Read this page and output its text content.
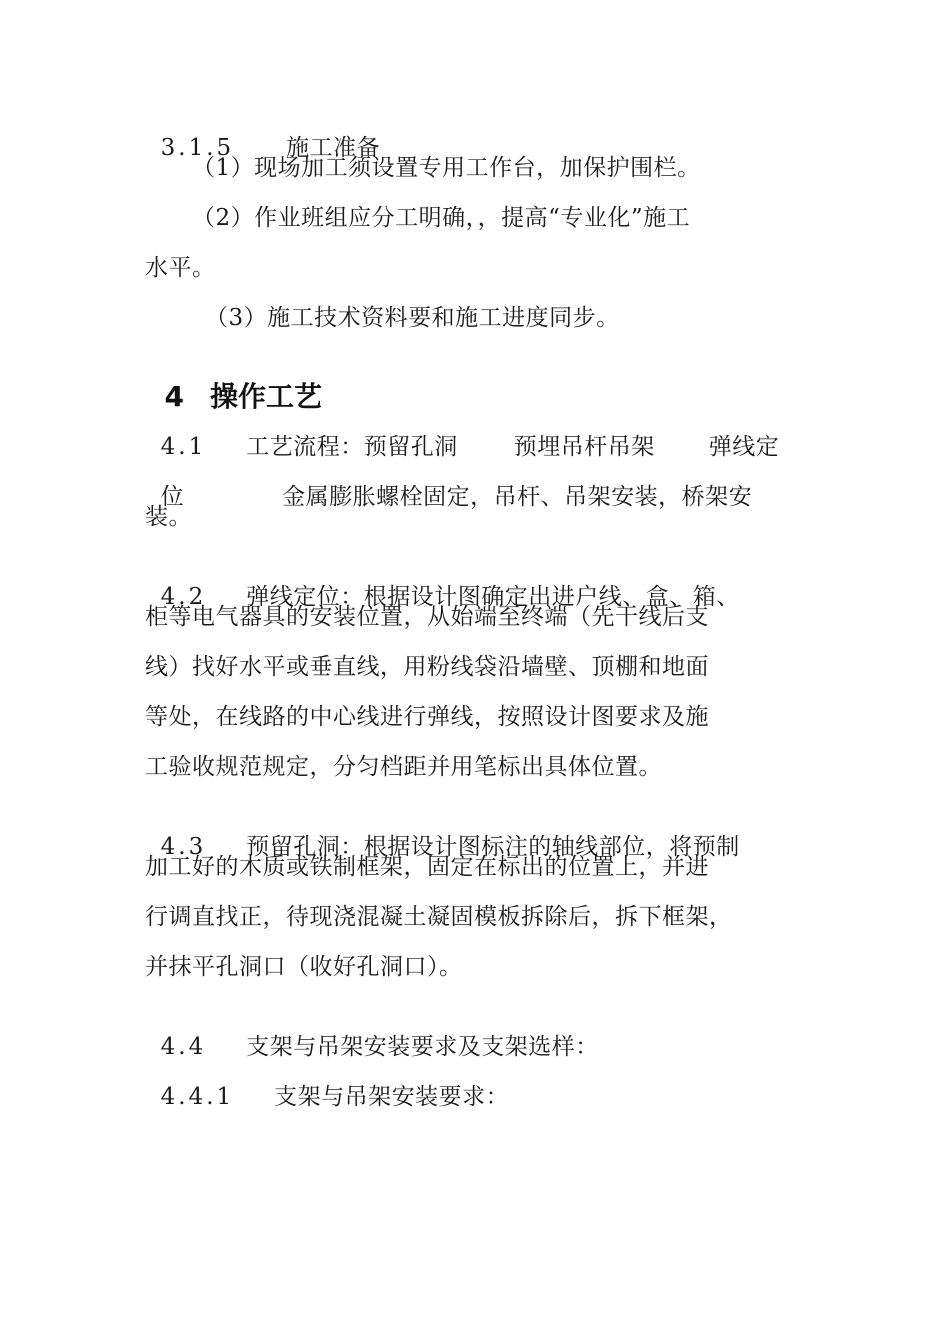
3.1.5 施工准备

（1）现场加工须设置专用工作台，加保护围栏。
（2）作业班组应分工明确，，提高“专业化”施工
水平。
（3）施工技术资料要和施工进度同步。

4 操作工艺

4.1 工艺流程：预留孔洞 预埋吊杆吊架 弹线定

位	金属膨胀螺栓固定，吊杆、吊架安装，桥架安

装。

4.2 弹线定位：根据设计图确定出进户线、盒、箱、

柜等电气器具的安装位置，从始端至终端（先干线后支
线）找好水平或垂直线，用粉线袋沿墙壁、顶棚和地面
等处，在线路的中心线进行弹线，按照设计图要求及施
工验收规范规定，分匀档距并用笔标出具体位置。

4.3 预留孔洞：根据设计图标注的轴线部位，将预制

加工好的木质或铁制框架，固定在标出的位置上，并进
行调直找正，待现浇混凝土凝固模板拆除后，拆下框架，
并抹平孔洞口（收好孔洞口）。

4.4 支架与吊架安装要求及支架选样：

4.4.1 支架与吊架安装要求：
